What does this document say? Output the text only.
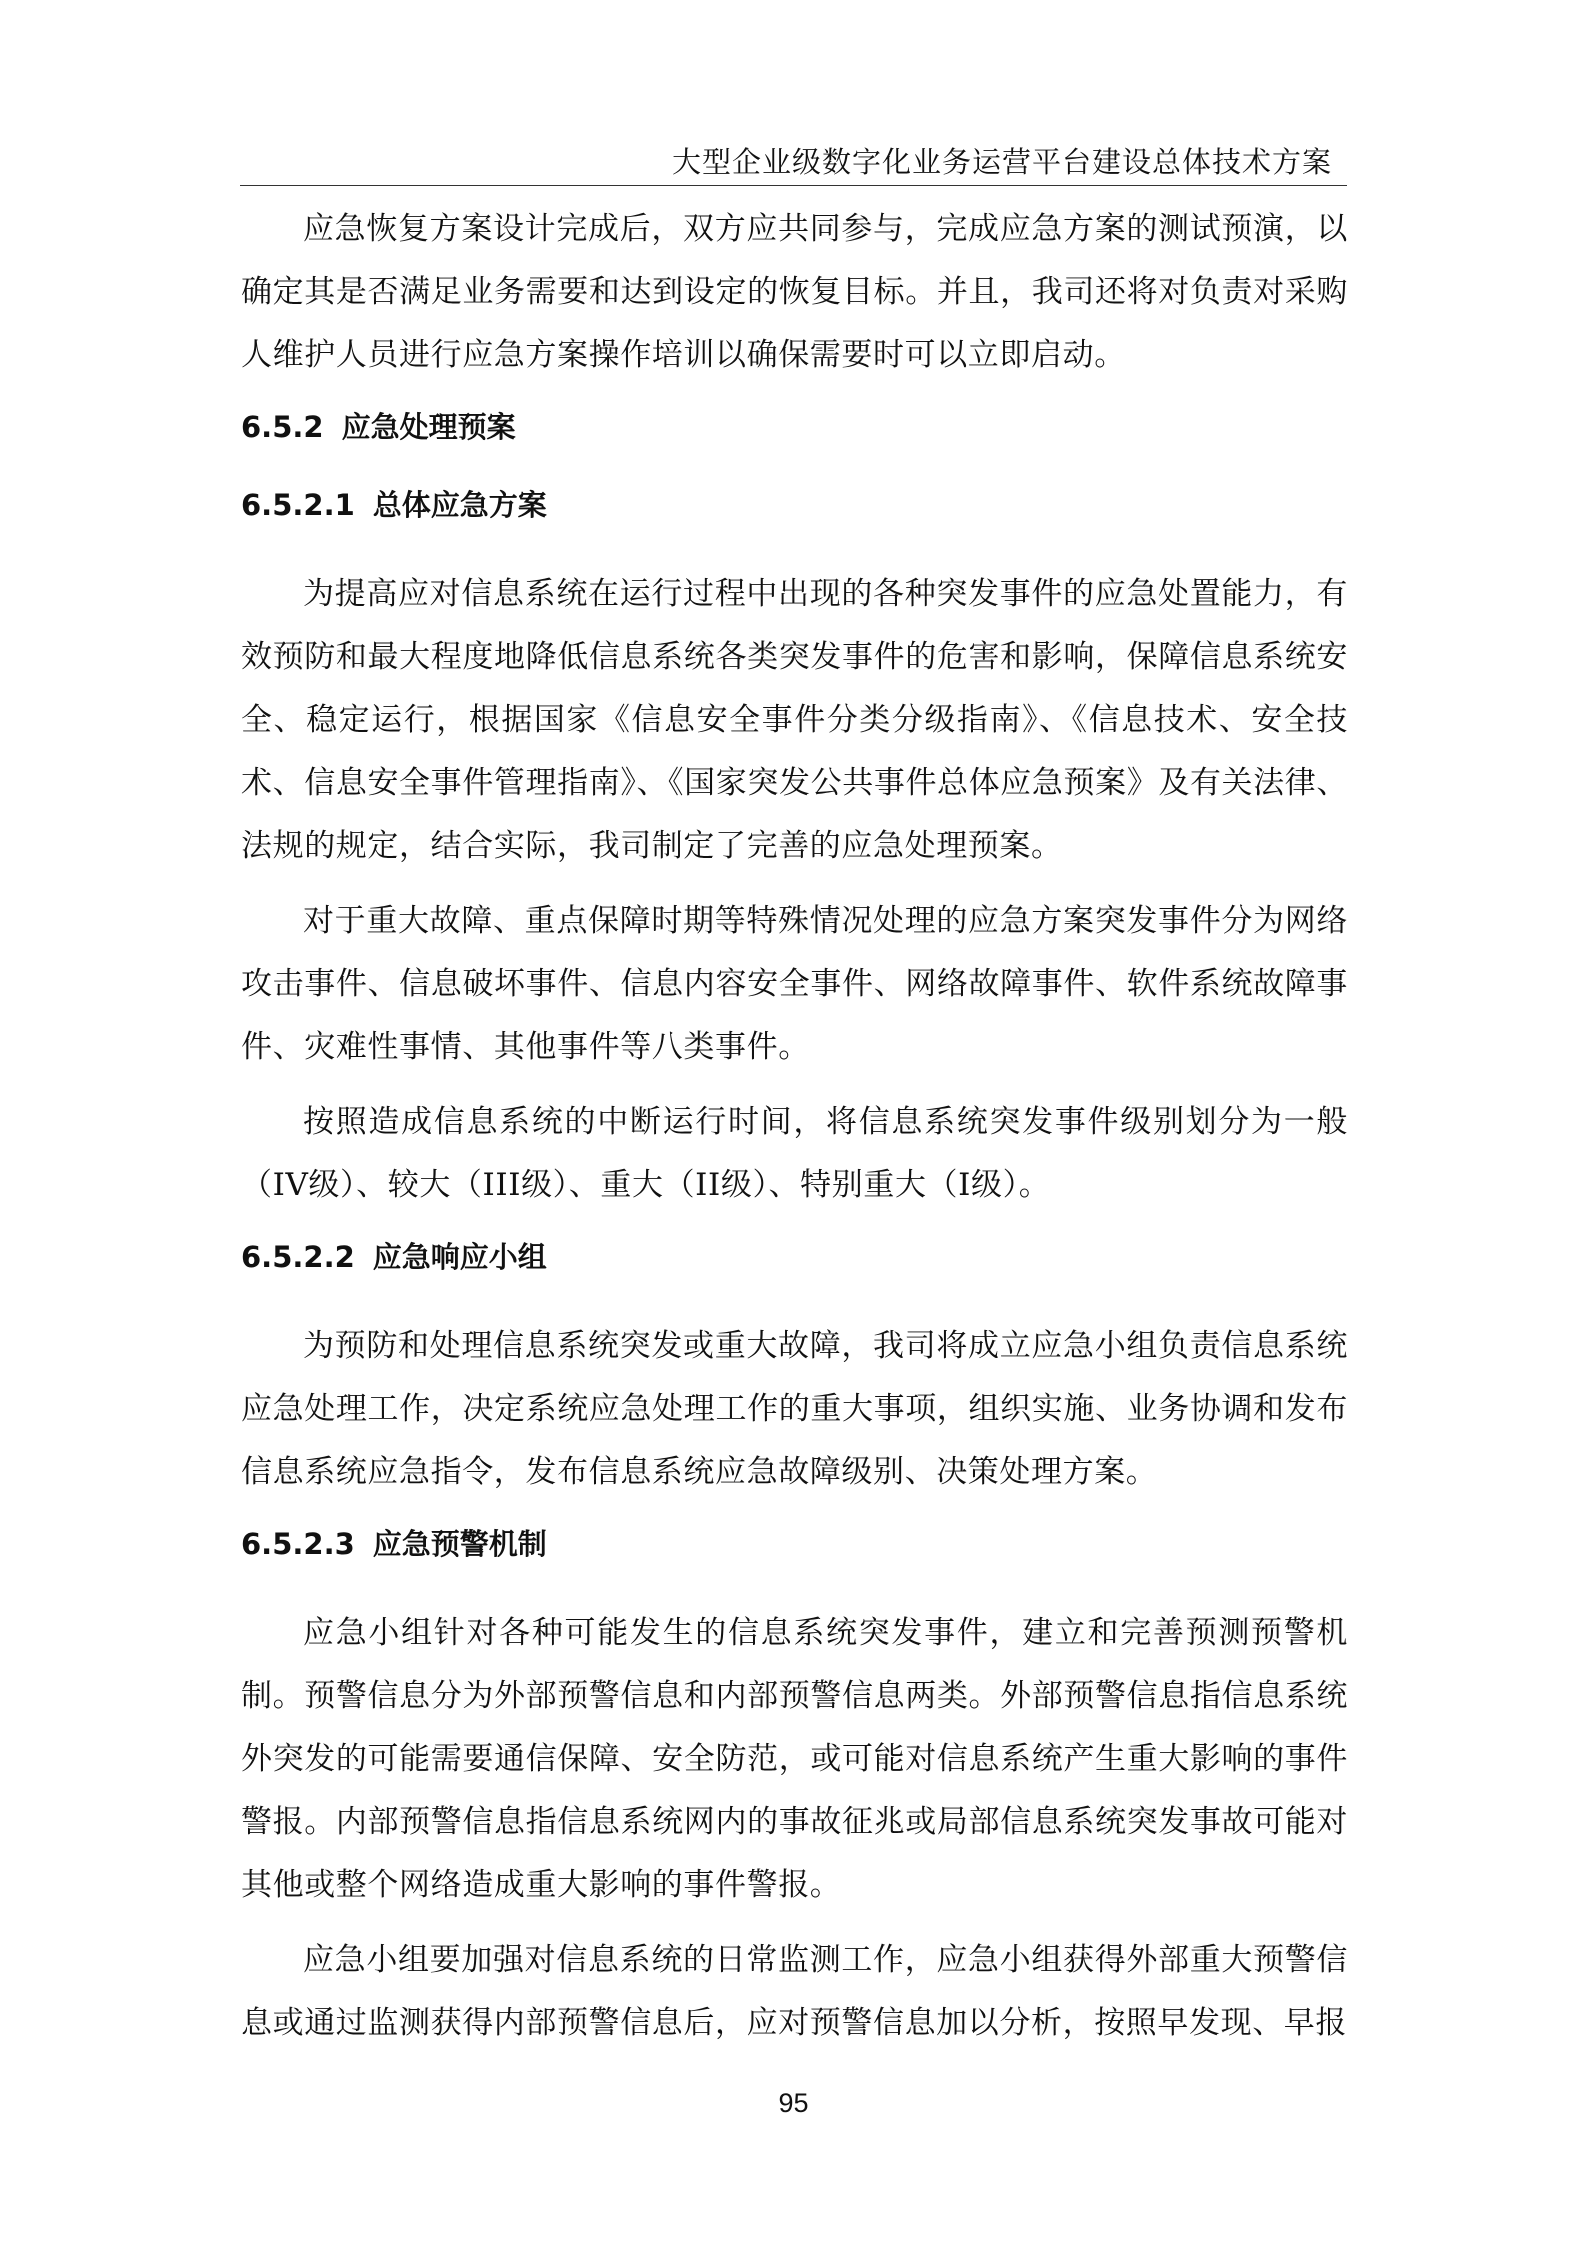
大型企业级数字化业务运营平台建设总体技术方案

应急恢复方案设计完成后，双方应共同参与，完成应急方案的测试预演，以确定其是否满足业务需要和达到设定的恢复目标。并且，我司还将对负责对采购人维护人员进行应急方案操作培训以确保需要时可以立即启动。

6.5.2 应急处理预案
6.5.2.1 总体应急方案

为提高应对信息系统在运行过程中出现的各种突发事件的应急处置能力，有效预防和最大程度地降低信息系统各类突发事件的危害和影响，保障信息系统安全、稳定运行，根据国家《信息安全事件分类分级指南》、《信息技术、安全技术、信息安全事件管理指南》、《国家突发公共事件总体应急预案》及有关法律、法规的规定，结合实际，我司制定了完善的应急处理预案。

对于重大故障、重点保障时期等特殊情况处理的应急方案突发事件分为网络攻击事件、信息破坏事件、信息内容安全事件、网络故障事件、软件系统故障事件、灾难性事情、其他事件等八类事件。

按照造成信息系统的中断运行时间，将信息系统突发事件级别划分为一般（IV级）、较大（III级）、重大（II级）、特别重大（I级）。

6.5.2.2 应急响应小组

为预防和处理信息系统突发或重大故障，我司将成立应急小组负责信息系统应急处理工作，决定系统应急处理工作的重大事项，组织实施、业务协调和发布信息系统应急指令，发布信息系统应急故障级别、决策处理方案。

6.5.2.3 应急预警机制

应急小组针对各种可能发生的信息系统突发事件，建立和完善预测预警机制。预警信息分为外部预警信息和内部预警信息两类。外部预警信息指信息系统外突发的可能需要通信保障、安全防范，或可能对信息系统产生重大影响的事件警报。内部预警信息指信息系统网内的事故征兆或局部信息系统突发事故可能对其他或整个网络造成重大影响的事件警报。

应急小组要加强对信息系统的日常监测工作，应急小组获得外部重大预警信息或通过监测获得内部预警信息后，应对预警信息加以分析，按照早发现、早报

95
